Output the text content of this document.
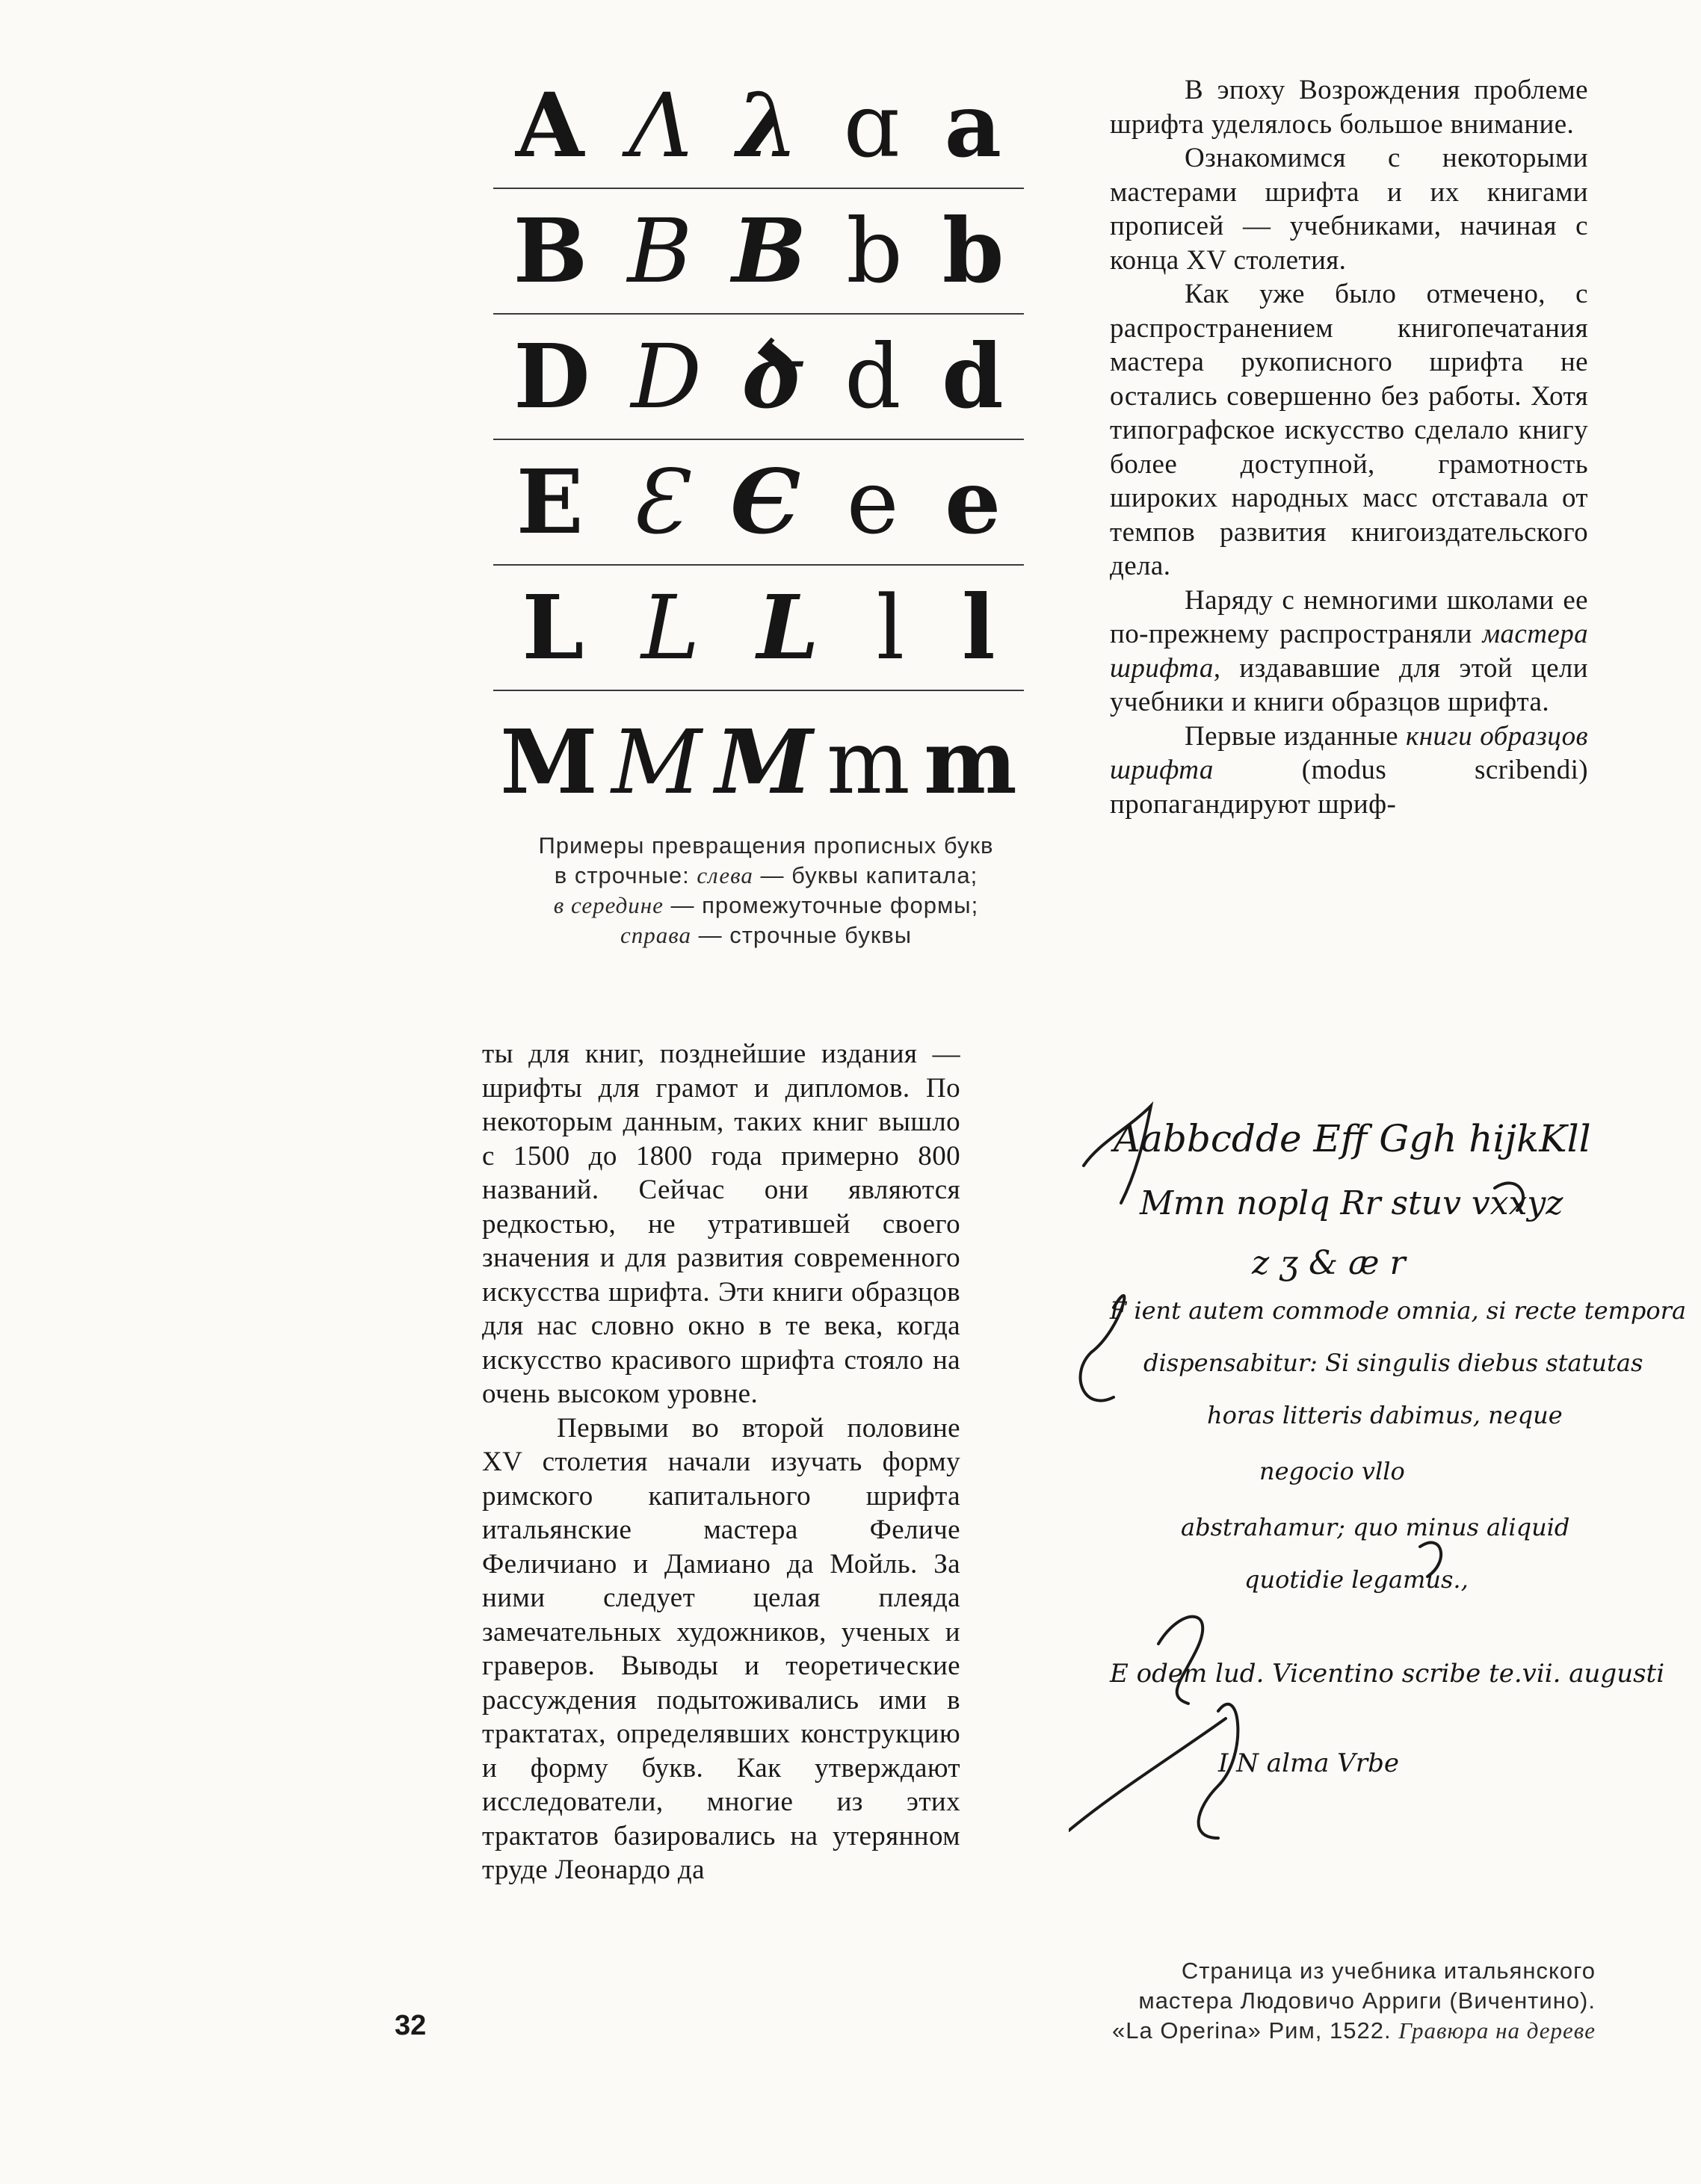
A Λ λ ɑ a
B B B b b
D D ծ d d
E Ɛ Є e e
L L L l l
M M Ⅿ m m
Примеры превращения прописных букв
в строчные: слева — буквы капитала;
в середине — промежуточные формы;
справа — строчные буквы

В эпоху Возрождения проблеме шрифта уделялось большое внимание.

Ознакомимся с некоторыми мастерами шрифта и их книгами прописей — учебниками, начиная с конца XV столетия.

Как уже было отмечено, с распространением книгопечатания мастера рукописного шрифта не остались совершенно без работы. Хотя типографское искусство сделало книгу более доступной, грамотность широких народных масс отставала от темпов развития книгоиздательского дела.

Наряду с немногими школами ее по-прежнему распространяли мастера шрифта, издававшие для этой цели учебники и книги образцов шрифта.

Первые изданные книги образцов шрифта (modus scribendi) пропагандируют шриф-

ты для книг, позднейшие издания — шрифты для грамот и дипломов. По некоторым данным, таких книг вышло с 1500 до 1800 года примерно 800 названий. Сейчас они являются редкостью, не утратившей своего значения и для развития современного искусства шрифта. Эти книги образцов для нас словно окно в те века, когда искусство красивого шрифта стояло на очень высоком уровне.

Первыми во второй половине XV столетия начали изучать форму римского капитального шрифта итальянские мастера Феличе Феличиано и Дамиано да Мойль. За ними следует целая плеяда замечательных художников, ученых и граверов. Выводы и теоретические рассуждения подытоживались ими в трактатах, определявших конструкцию и форму букв. Как утверждают исследователи, многие из этих трактатов базировались на утерянном труде Леонардо да

Aabbcdde Eff Ggh hijkKll
Mmn noplq Rr stuv vxxyz
z ʒ & æ r
F ient autem commode omnia, si recte tempora
dispensabitur: Si singulis diebus statutas
horas litteris dabimus, neque
negocio vllo
abstrahamur; quo minus aliquid
quotidie legamus.,
E odem lud. Vicentino scribe te.vii. augusti
I N alma Vrbe
Страница из учебника итальянского
мастера Людовичо Арриги (Вичентино).
«La Operina» Рим, 1522. Гравюра на дереве
32
